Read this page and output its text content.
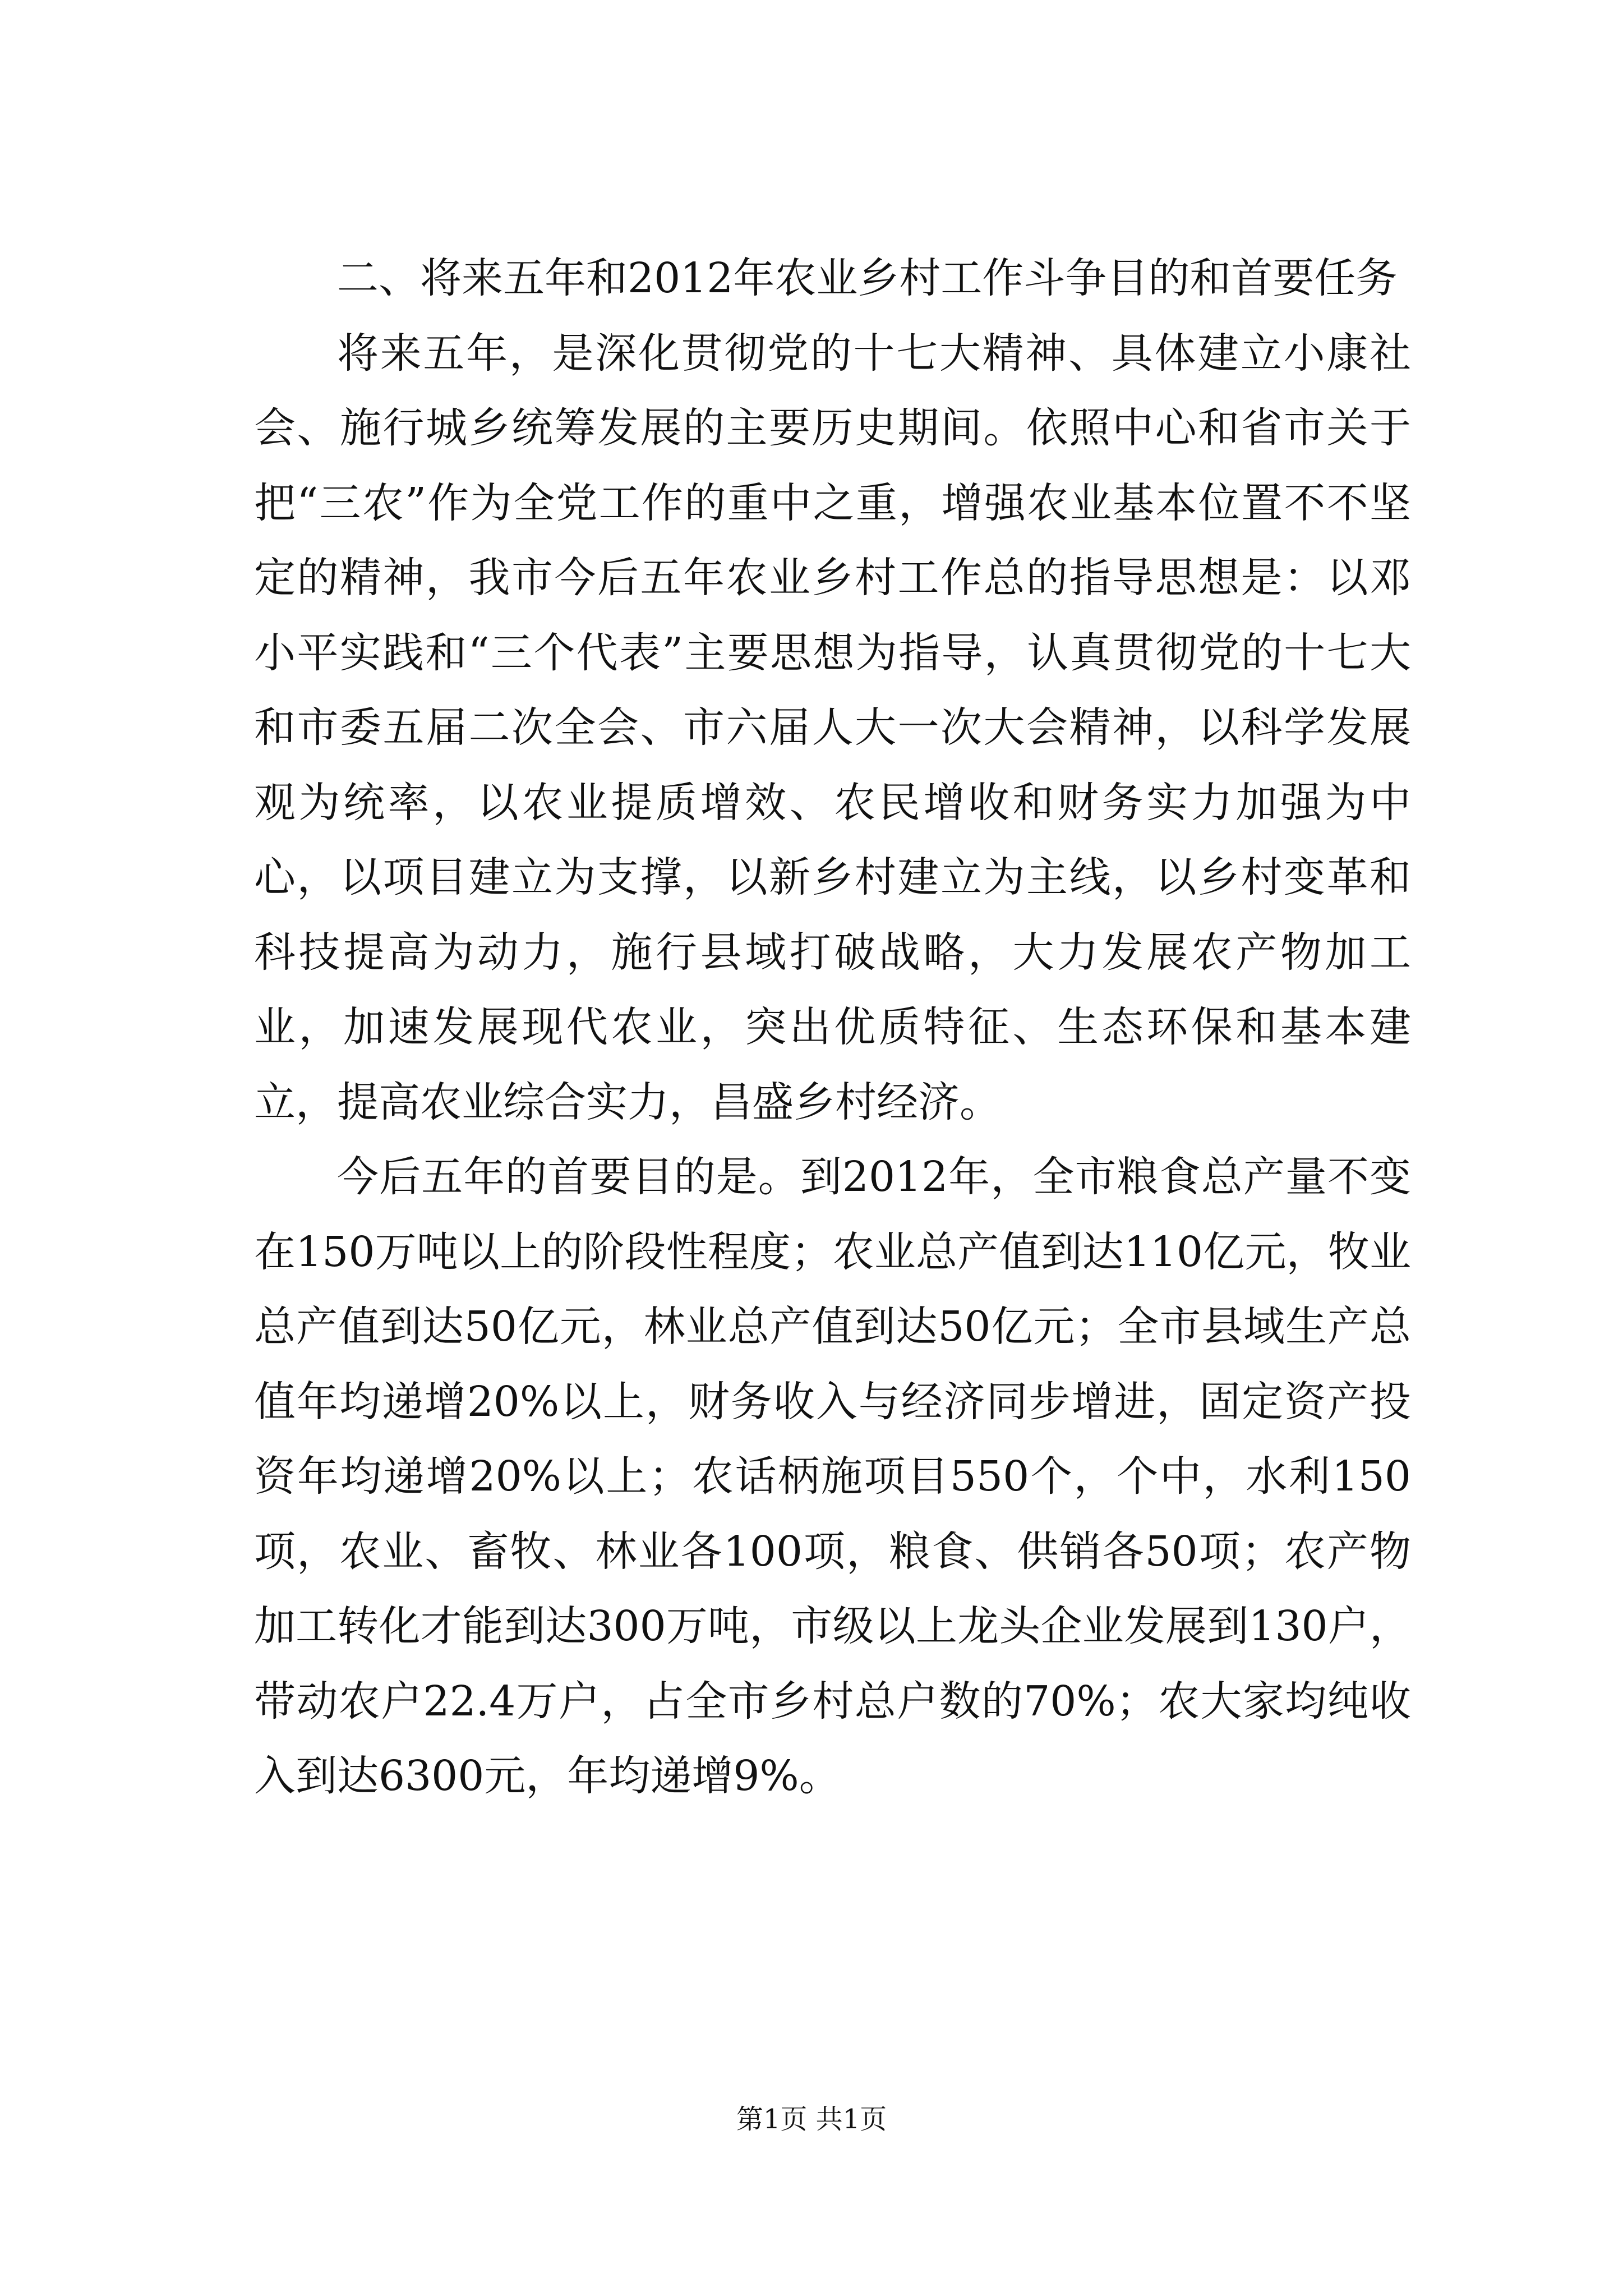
二、将来五年和2012年农业乡村工作斗争目的和首要任务

将来五年，是深化贯彻党的十七大精神、具体建立小康社会、施行城乡统筹发展的主要历史期间。依照中心和省市关于把“三农”作为全党工作的重中之重，增强农业基本位置不不坚定的精神，我市今后五年农业乡村工作总的指导思想是：以邓小平实践和“三个代表”主要思想为指导，认真贯彻党的十七大和市委五届二次全会、市六届人大一次大会精神，以科学发展观为统率，以农业提质增效、农民增收和财务实力加强为中心，以项目建立为支撑，以新乡村建立为主线，以乡村变革和科技提高为动力，施行县域打破战略，大力发展农产物加工业，加速发展现代农业，突出优质特征、生态环保和基本建立，提高农业综合实力，昌盛乡村经济。

今后五年的首要目的是。到2012年，全市粮食总产量不变在150万吨以上的阶段性程度；农业总产值到达110亿元，牧业总产值到达50亿元，林业总产值到达50亿元；全市县域生产总值年均递增20%以上，财务收入与经济同步增进，固定资产投资年均递增20%以上；农话柄施项目550个，个中，水利150项，农业、畜牧、林业各100项，粮食、供销各50项；农产物加工转化才能到达300万吨，市级以上龙头企业发展到130户，带动农户22.4万户，占全市乡村总户数的70%；农大家均纯收入到达6300元，年均递增9%。

第1页 共1页
